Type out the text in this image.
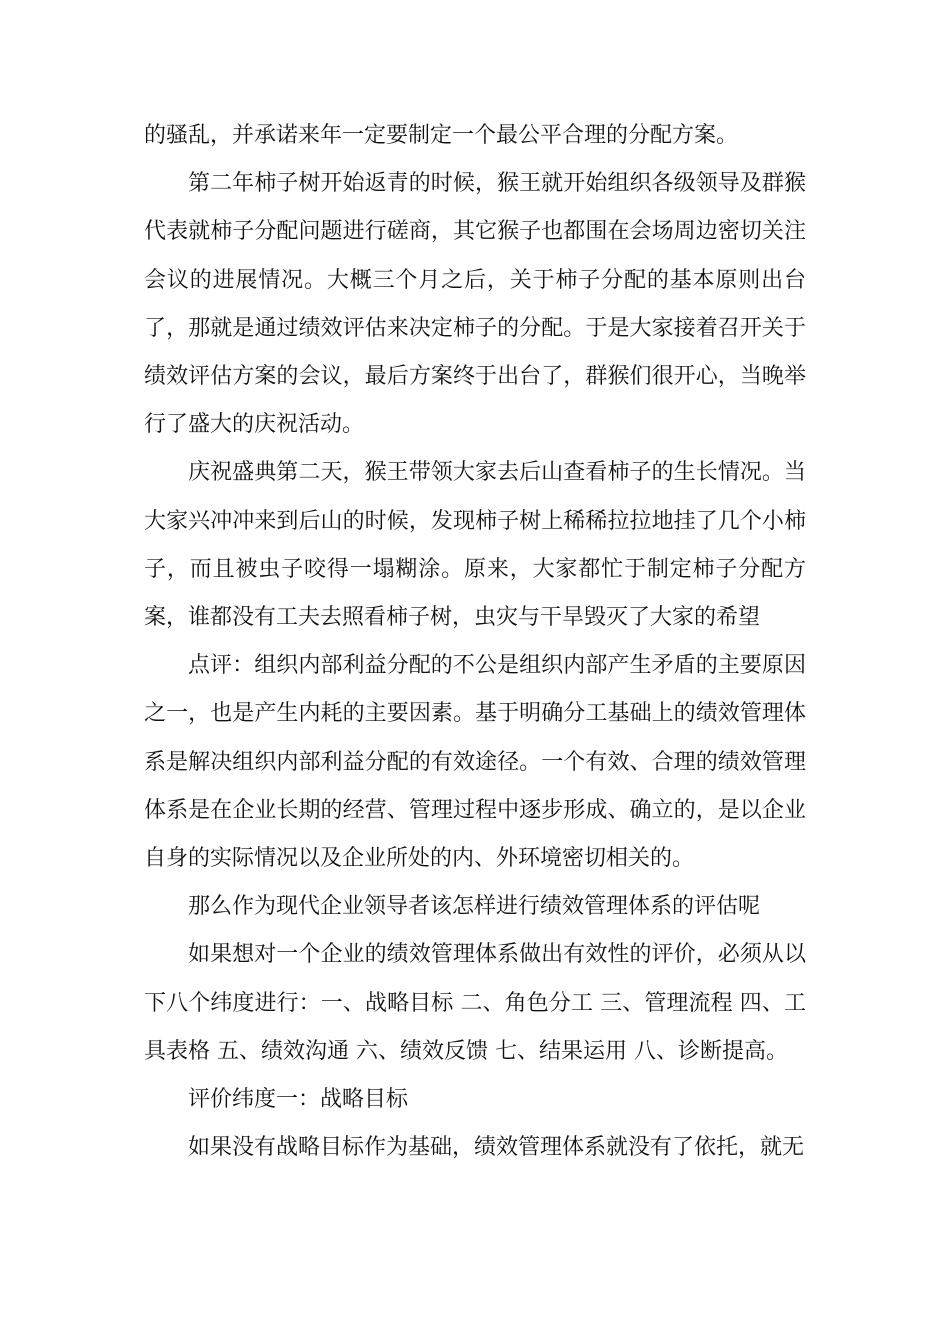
的骚乱，并承诺来年一定要制定一个最公平合理的分配方案。

第二年柿子树开始返青的时候，猴王就开始组织各级领导及群猴代表就柿子分配问题进行磋商，其它猴子也都围在会场周边密切关注会议的进展情况。大概三个月之后，关于柿子分配的基本原则出台了，那就是通过绩效评估来决定柿子的分配。于是大家接着召开关于绩效评估方案的会议，最后方案终于出台了，群猴们很开心，当晚举行了盛大的庆祝活动。

庆祝盛典第二天，猴王带领大家去后山查看柿子的生长情况。当大家兴冲冲来到后山的时候，发现柿子树上稀稀拉拉地挂了几个小柿子，而且被虫子咬得一塌糊涂。原来，大家都忙于制定柿子分配方案，谁都没有工夫去照看柿子树，虫灾与干旱毁灭了大家的希望

点评：组织内部利益分配的不公是组织内部产生矛盾的主要原因之一，也是产生内耗的主要因素。基于明确分工基础上的绩效管理体系是解决组织内部利益分配的有效途径。一个有效、合理的绩效管理体系是在企业长期的经营、管理过程中逐步形成、确立的，是以企业自身的实际情况以及企业所处的内、外环境密切相关的。

那么作为现代企业领导者该怎样进行绩效管理体系的评估呢

如果想对一个企业的绩效管理体系做出有效性的评价，必须从以下八个纬度进行：一、战略目标 二、角色分工 三、管理流程 四、工具表格 五、绩效沟通 六、绩效反馈 七、结果运用 八、诊断提高。

评价纬度一：战略目标

如果没有战略目标作为基础，绩效管理体系就没有了依托，就无
